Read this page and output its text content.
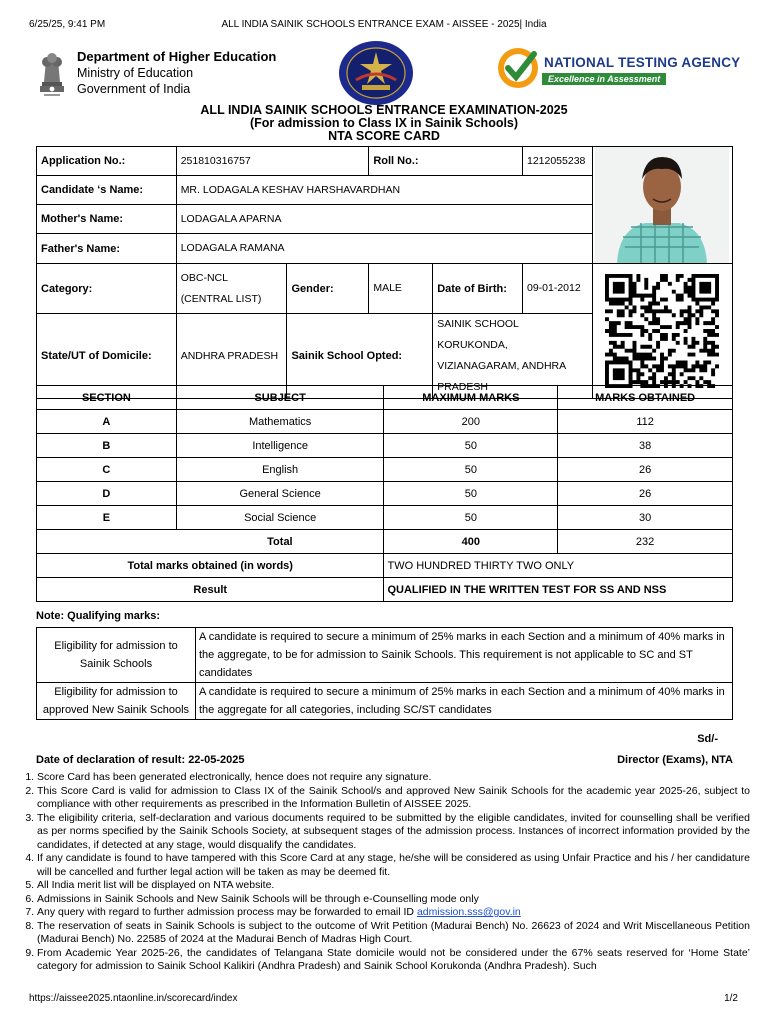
6/25/25, 9:41 PM	ALL INDIA SAINIK SCHOOLS ENTRANCE EXAM - AISSEE - 2025| India
Department of Higher Education
Ministry of Education
Government of India
NATIONAL TESTING AGENCY
Excellence in Assessment
ALL INDIA SAINIK SCHOOLS ENTRANCE EXAMINATION-2025
(For admission to Class IX in Sainik Schools)
NTA SCORE CARD
Application No.:	251810316757		Roll No.:		1212055238	

Candidate ‘s Name:	MR. LODAGALA KESHAV HARSHAVARDHAN					
Mother's Name:	LODAGALA APARNA					
Father's Name:	LODAGALA RAMANA					
Category:	OBC-NCL (CENTRAL LIST)	Gender:	MALE	Date of Birth:	09-01-2012	

State/UT of Domicile:	ANDHRA PRADESH	Sainik School Opted:		SAINIK SCHOOL KORUKONDA, VIZIANAGARAM, ANDHRA PRADESH		
SECTION	SUBJECT	MAXIMUM MARKS	MARKS OBTAINED
A	Mathematics	200	112
B	Intelligence	50	38
C	English	50	26
D	General Science	50	26
E	Social Science	50	30
	Total	400	232
Total marks obtained (in words)		TWO HUNDRED THIRTY TWO ONLY	
Result		QUALIFIED IN THE WRITTEN TEST FOR SS AND NSS	
Note: Qualifying marks:
Eligibility for admission to Sainik Schools	A candidate is required to secure a minimum of 25% marks in each Section and a minimum of 40% marks in the aggregate, to be for admission to Sainik Schools. This requirement is not applicable to SC and ST candidates
Eligibility for admission to approved New Sainik Schools	A candidate is required to secure a minimum of 25% marks in each Section and a minimum of 40% marks in the aggregate for all categories, including SC/ST candidates
Sd/-
Date of declaration of result: 22-05-2025	Director (Exams), NTA
1. Score Card has been generated electronically, hence does not require any signature.
2. This Score Card is valid for admission to Class IX of the Sainik School/s and approved New Sainik Schools for the academic year 2025-26, subject to compliance with other requirements as prescribed in the Information Bulletin of AISSEE 2025.
3. The eligibility criteria, self-declaration and various documents required to be submitted by the eligible candidates, invited for counselling shall be verified as per norms specified by the Sainik Schools Society, at subsequent stages of the admission process. Instances of incorrect information provided by the candidates, if detected at any stage, would disqualify the candidates.
4. If any candidate is found to have tampered with this Score Card at any stage, he/she will be considered as using Unfair Practice and his / her candidature will be cancelled and further legal action will be taken as may be deemed fit.
5. All India merit list will be displayed on NTA website.
6. Admissions in Sainik Schools and New Sainik Schools will be through e-Counselling mode only
7. Any query with regard to further admission process may be forwarded to email ID admission.sss@gov.in
8. The reservation of seats in Sainik Schools is subject to the outcome of Writ Petition (Madurai Bench) No. 26623 of 2024 and Writ Miscellaneous Petition (Madurai Bench) No. 22585 of 2024 at the Madurai Bench of Madras High Court.
9. From Academic Year 2025-26, the candidates of Telangana State domicile would not be considered under the 67% seats reserved for ‘Home State’ category for admission to Sainik School Kalikiri (Andhra Pradesh) and Sainik School Korukonda (Andhra Pradesh). Such
https://aissee2025.ntaonline.in/scorecard/index	1/2
